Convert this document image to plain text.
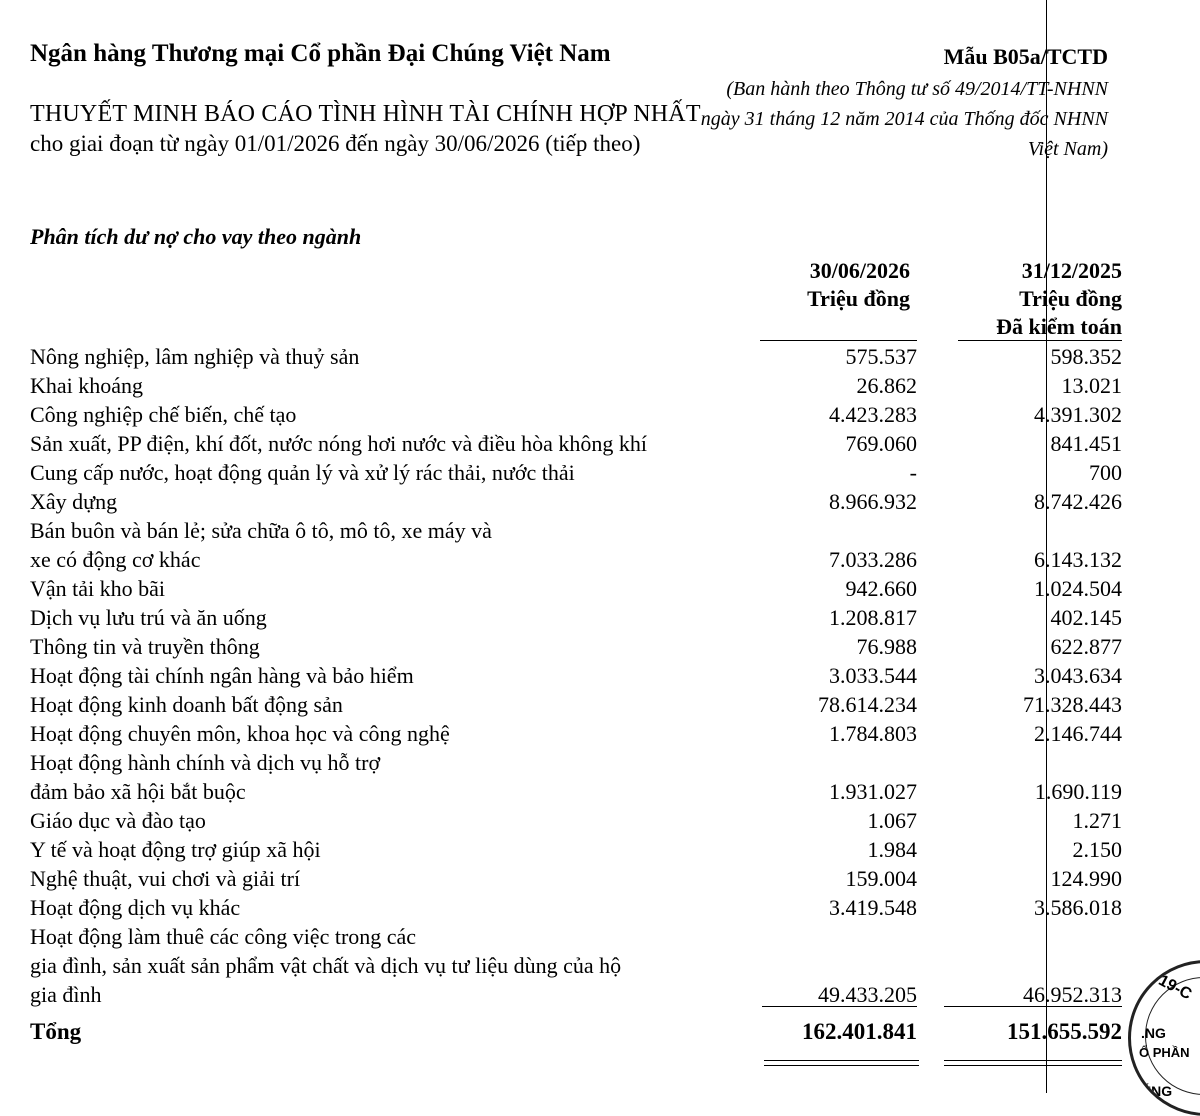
Ngân hàng Thương mại Cổ phần Đại Chúng Việt Nam
THUYẾT MINH BÁO CÁO TÌNH HÌNH TÀI CHÍNH HỢP NHẤT
cho giai đoạn từ ngày 01/01/2026 đến ngày 30/06/2026 (tiếp theo)
Mẫu B05a/TCTD
(Ban hành theo Thông tư số 49/2014/TT-NHNN ngày 31 tháng 12 năm 2014 của Thống đốc NHNN Việt Nam)
Phân tích dư nợ cho vay theo ngành
30/06/2026
Triệu đồng
31/12/2025
Triệu đồng
Đã kiểm toán
Nông nghiệp, lâm nghiệp và thuỷ sản	575.537	598.352
Khai khoáng	26.862	13.021
Công nghiệp chế biến, chế tạo	4.423.283	4.391.302
Sản xuất, PP điện, khí đốt, nước nóng hơi nước và điều hòa không khí	769.060	841.451
Cung cấp nước, hoạt động quản lý và xử lý rác thải, nước thải	-	700
Xây dựng	8.966.932	8.742.426
Bán buôn và bán lẻ; sửa chữa ô tô, mô tô, xe máy và
xe có động cơ khác	7.033.286	6.143.132
Vận tải kho bãi	942.660	1.024.504
Dịch vụ lưu trú và ăn uống	1.208.817	402.145
Thông tin và truyền thông	76.988	622.877
Hoạt động tài chính ngân hàng và bảo hiểm	3.033.544	3.043.634
Hoạt động kinh doanh bất động sản	78.614.234	71.328.443
Hoạt động chuyên môn, khoa học và công nghệ	1.784.803	2.146.744
Hoạt động hành chính và dịch vụ hỗ trợ
đảm bảo xã hội bắt buộc	1.931.027	1.690.119
Giáo dục và đào tạo	1.067	1.271
Y tế và hoạt động trợ giúp xã hội	1.984	2.150
Nghệ thuật, vui chơi và giải trí	159.004	124.990
Hoạt động dịch vụ khác	3.419.548	3.586.018
Hoạt động làm thuê các công việc trong các
gia đình, sản xuất sản phẩm vật chất và dịch vụ tư liệu dùng của hộ
gia đình	49.433.205	46.952.313
Tổng	162.401.841	151.655.592
919-C
.NG
Ổ PHẦN
ÚNG
